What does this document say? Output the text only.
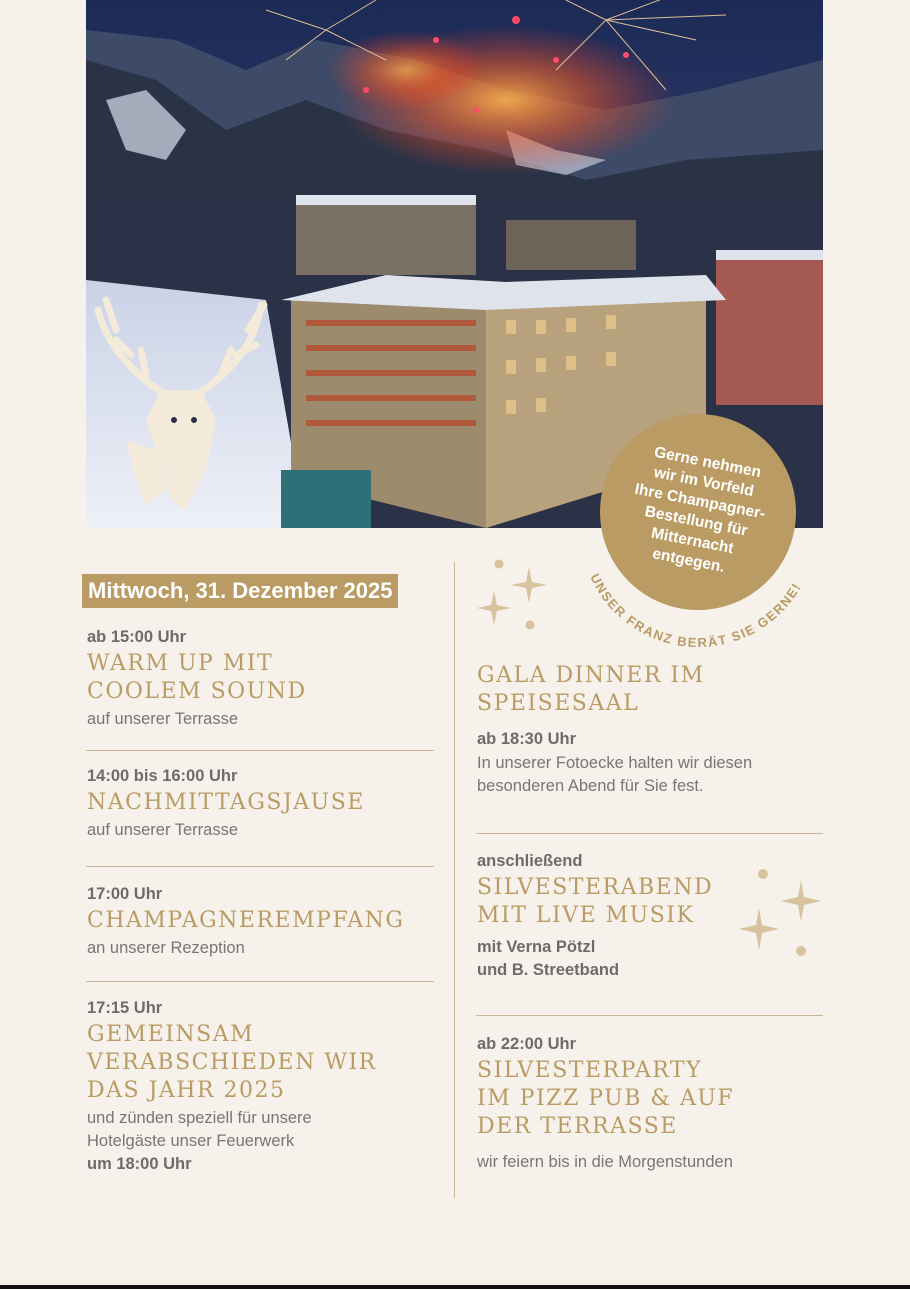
Gerne nehmen
wir im Vorfeld
Ihre Champagner-
Bestellung für
Mitternacht
entgegen.
UNSER FRANZ BERÄT SIE GERNE!
Mittwoch, 31. Dezember 2025
ab 15:00 Uhr
WARM UP MIT
COOLEM SOUND
auf unserer Terrasse
14:00 bis 16:00 Uhr
NACHMITTAGSJAUSE
auf unserer Terrasse
17:00 Uhr
CHAMPAGNEREMPFANG
an unserer Rezeption
17:15 Uhr
GEMEINSAM
VERABSCHIEDEN WIR
DAS JAHR 2025
und zünden speziell für unsere
Hotelgäste unser Feuerwerk
um 18:00 Uhr
GALA DINNER IM
SPEISESAAL
ab 18:30 Uhr
In unserer Fotoecke halten wir diesen
besonderen Abend für Sie fest.
anschließend
SILVESTERABEND
MIT LIVE MUSIK
mit Verna Pötzl
und B. Streetband
ab 22:00 Uhr
SILVESTERPARTY
IM PIZZ PUB & AUF
DER TERRASSE
wir feiern bis in die Morgenstunden
